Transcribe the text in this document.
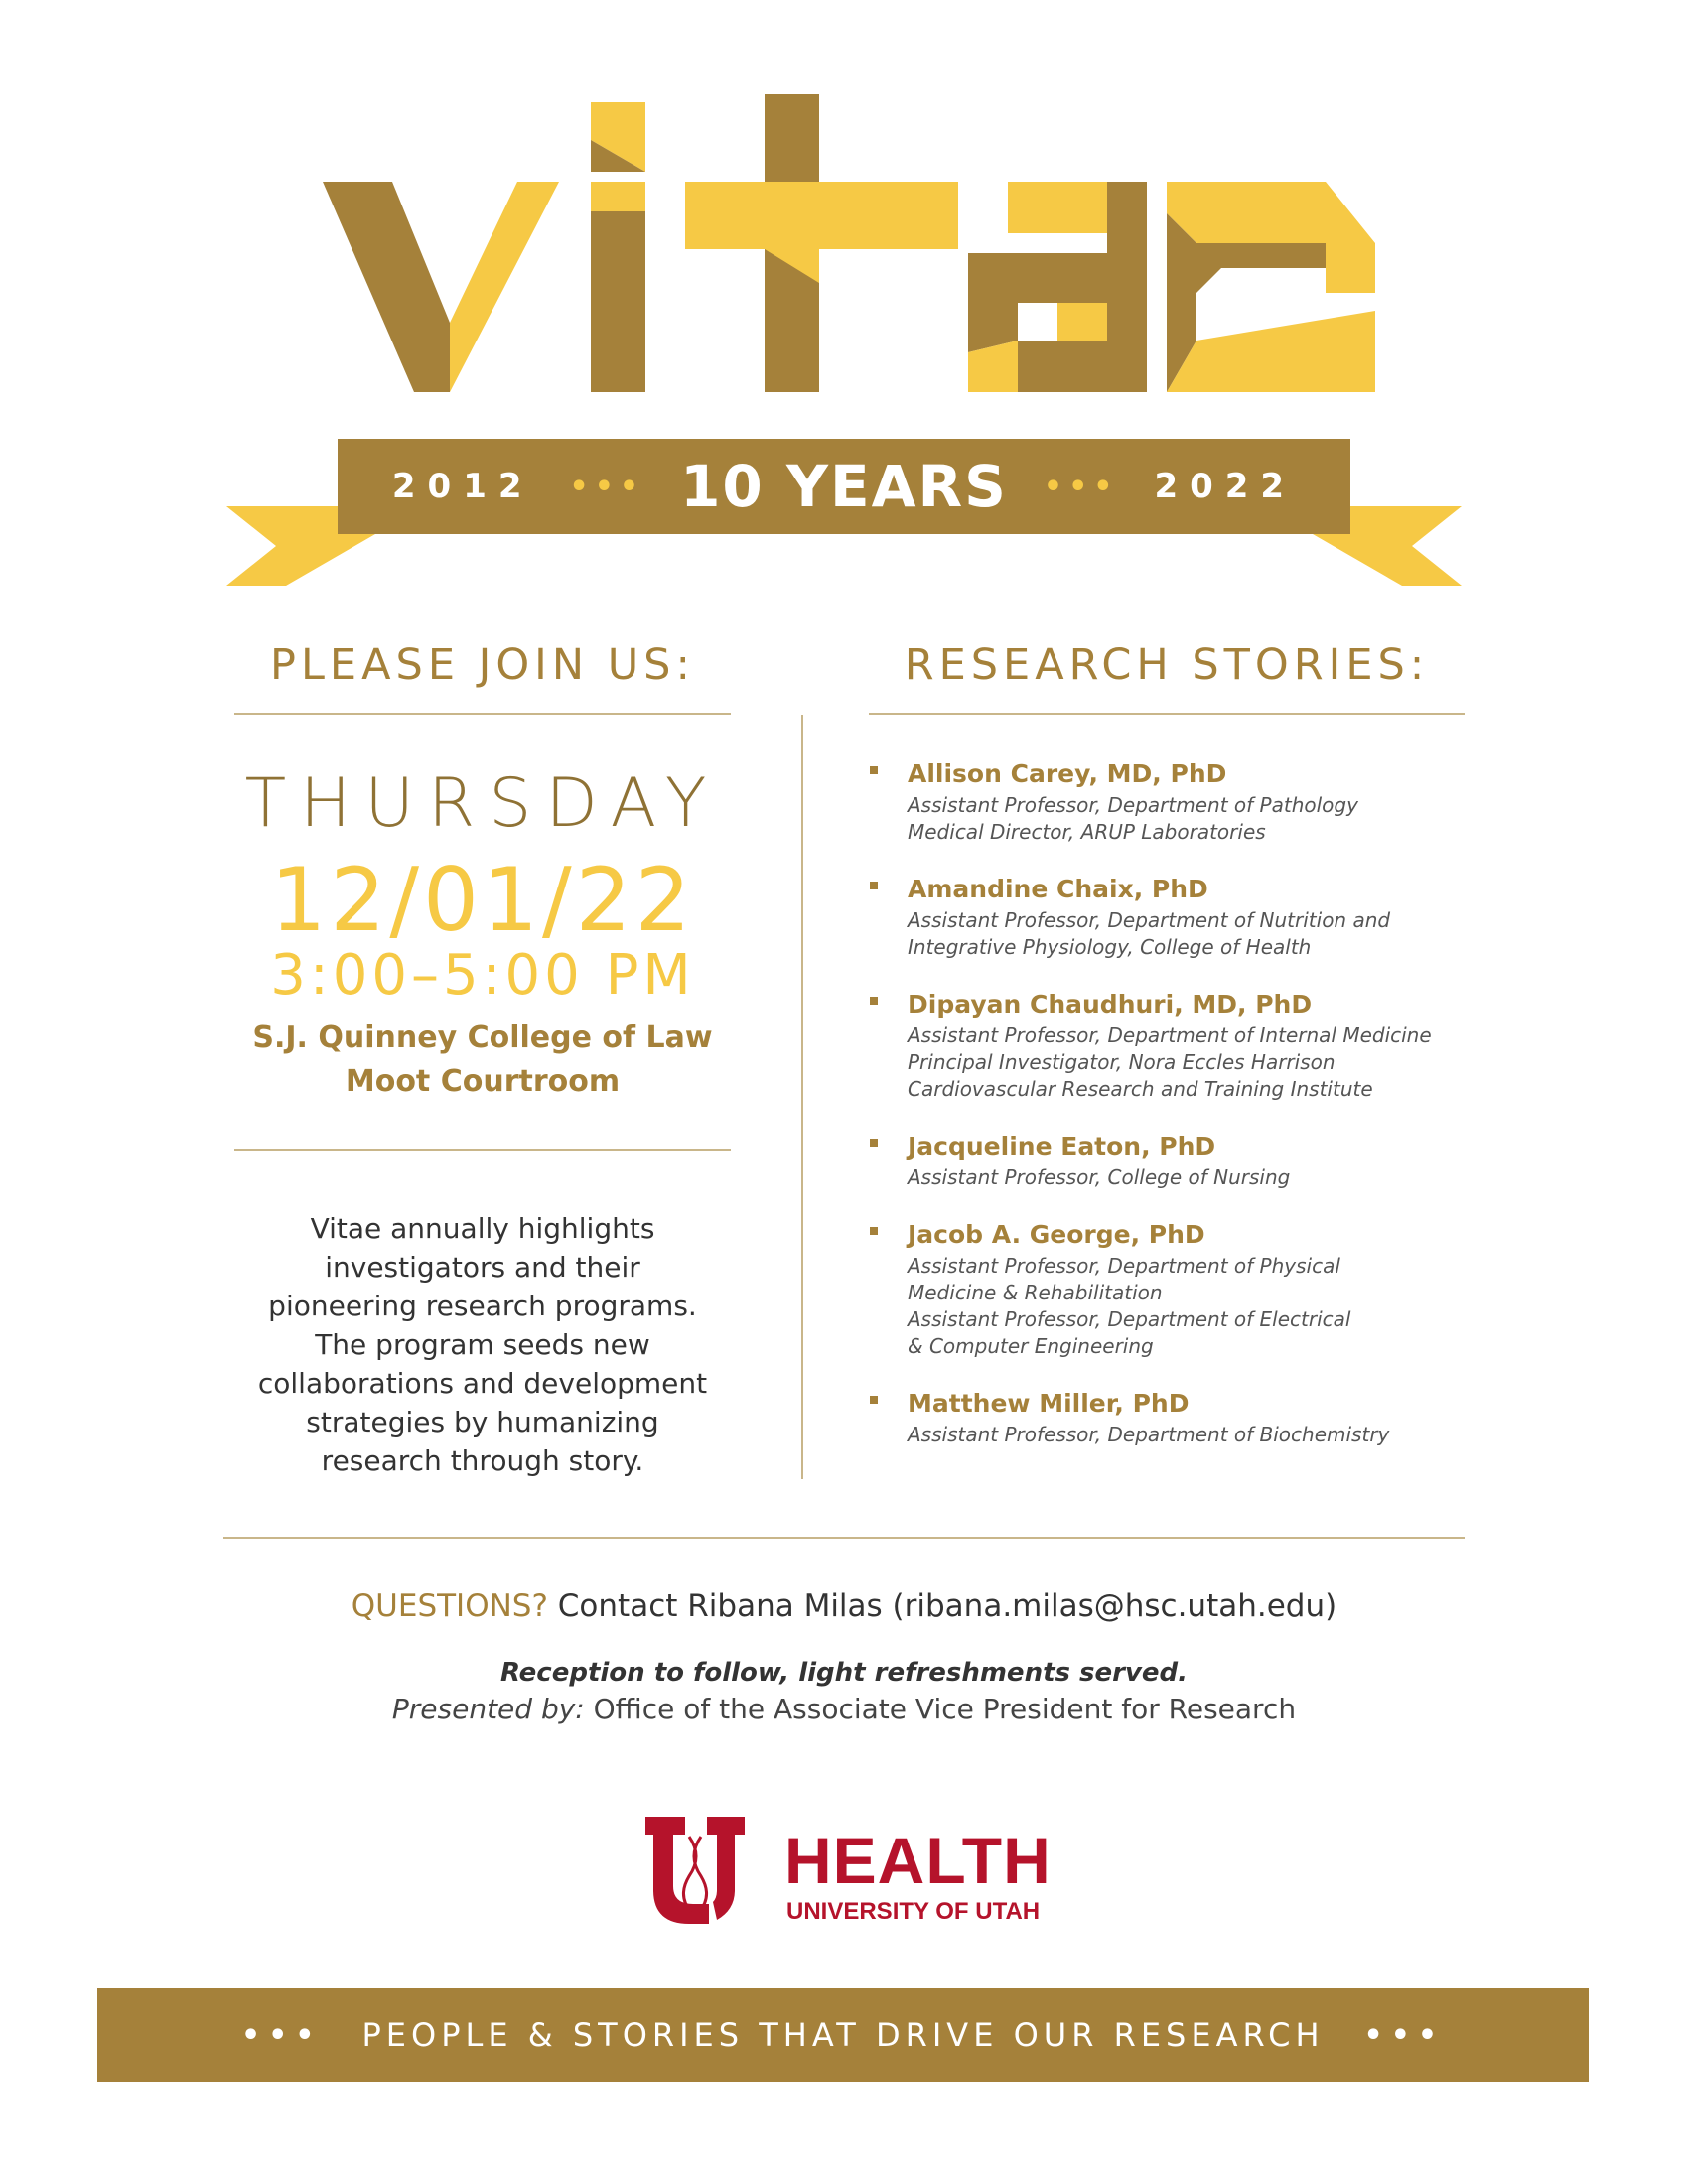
2012 ••• 10 YEARS ••• 2022
PLEASE JOIN US:
THURSDAY
12/01/22
3:00–5:00 PM
S.J. Quinney College of Law
Moot Courtroom
Vitae annually highlights
investigators and their
pioneering research programs.
The program seeds new
collaborations and development
strategies by humanizing
research through story.
RESEARCH STORIES:
Allison Carey, MD, PhD
Assistant Professor, Department of Pathology
Medical Director, ARUP Laboratories
Amandine Chaix, PhD
Assistant Professor, Department of Nutrition and
Integrative Physiology, College of Health
Dipayan Chaudhuri, MD, PhD
Assistant Professor, Department of Internal Medicine
Principal Investigator, Nora Eccles Harrison
Cardiovascular Research and Training Institute
Jacqueline Eaton, PhD
Assistant Professor, College of Nursing
Jacob A. George, PhD
Assistant Professor, Department of Physical
Medicine & Rehabilitation
Assistant Professor, Department of Electrical
& Computer Engineering
Matthew Miller, PhD
Assistant Professor, Department of Biochemistry
QUESTIONS? Contact Ribana Milas (ribana.milas@hsc.utah.edu)
Reception to follow, light refreshments served.
Presented by: Office of the Associate Vice President for Research
HEALTH
UNIVERSITY OF UTAH
••• PEOPLE & STORIES THAT DRIVE OUR RESEARCH •••
